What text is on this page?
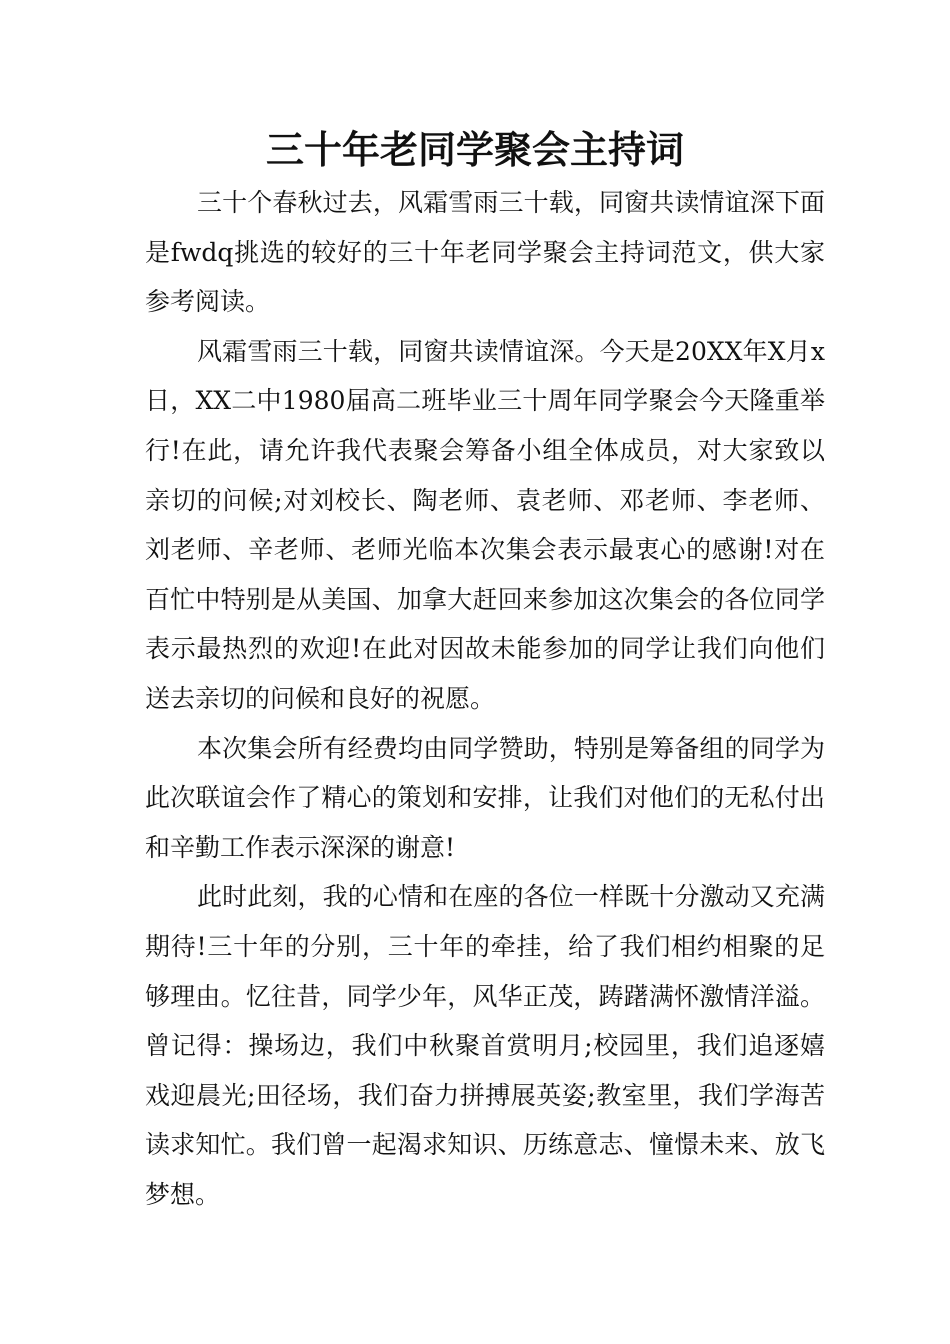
三十年老同学聚会主持词

三十个春秋过去，风霜雪雨三十载，同窗共读情谊深下面是fwdq挑选的较好的三十年老同学聚会主持词范文，供大家参考阅读。

风霜雪雨三十载，同窗共读情谊深。今天是20XX年X月x日，XX二中1980届高二班毕业三十周年同学聚会今天隆重举行!在此，请允许我代表聚会筹备小组全体成员，对大家致以亲切的问候;对刘校长、陶老师、袁老师、邓老师、李老师、刘老师、辛老师、老师光临本次集会表示最衷心的感谢!对在百忙中特别是从美国、加拿大赶回来参加这次集会的各位同学表示最热烈的欢迎!在此对因故未能参加的同学让我们向他们送去亲切的问候和良好的祝愿。

本次集会所有经费均由同学赞助，特别是筹备组的同学为此次联谊会作了精心的策划和安排，让我们对他们的无私付出和辛勤工作表示深深的谢意!

此时此刻，我的心情和在座的各位一样既十分激动又充满期待!三十年的分别，三十年的牵挂，给了我们相约相聚的足够理由。忆往昔，同学少年，风华正茂，踌躇满怀激情洋溢。曾记得：操场边，我们中秋聚首赏明月;校园里，我们追逐嬉戏迎晨光;田径场，我们奋力拼搏展英姿;教室里，我们学海苦读求知忙。我们曾一起渴求知识、历练意志、憧憬未来、放飞梦想。
